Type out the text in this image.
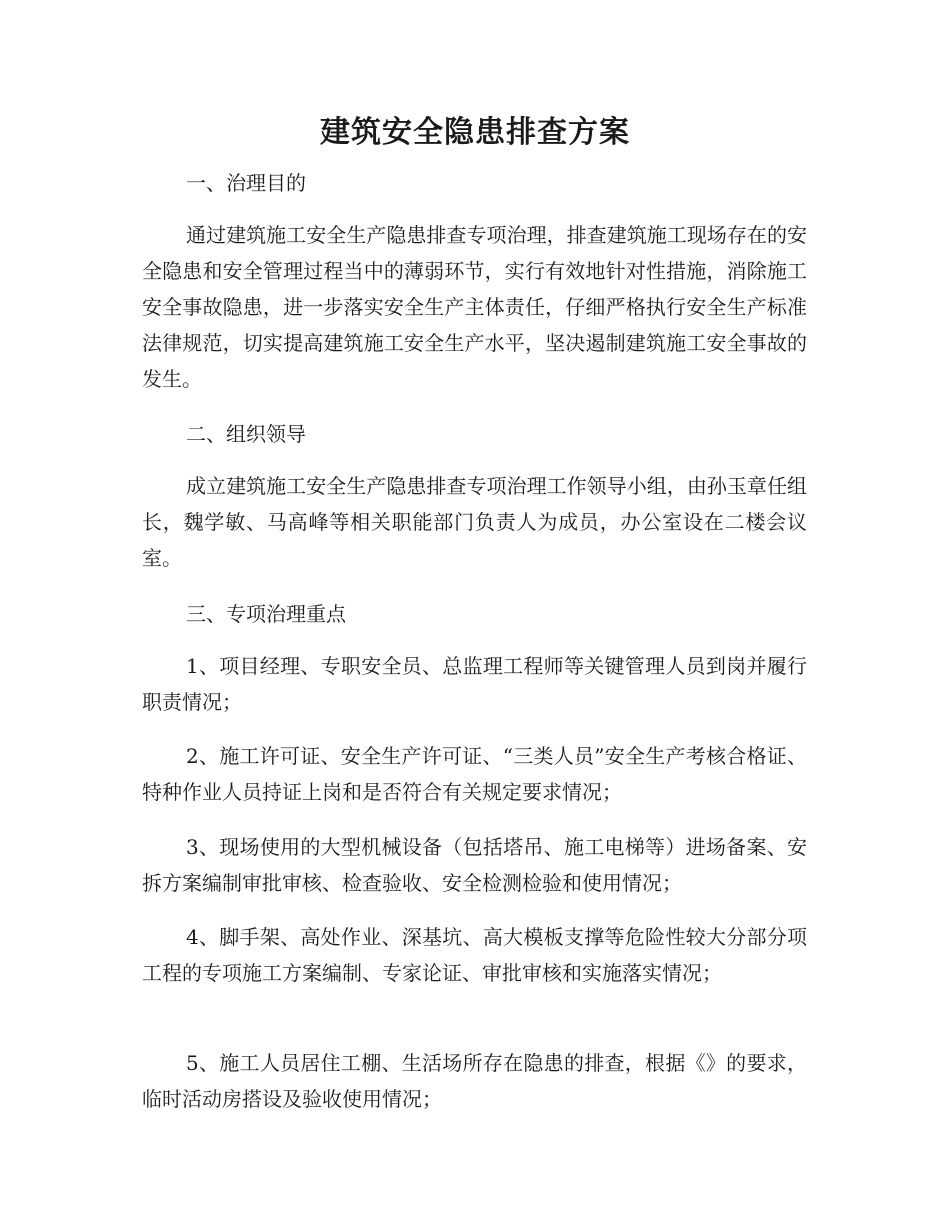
建筑安全隐患排查方案

一、治理目的

通过建筑施工安全生产隐患排查专项治理，排查建筑施工现场存在的安全隐患和安全管理过程当中的薄弱环节，实行有效地针对性措施，消除施工安全事故隐患，进一步落实安全生产主体责任，仔细严格执行安全生产标准法律规范，切实提高建筑施工安全生产水平，坚决遏制建筑施工安全事故的发生。

二、组织领导

成立建筑施工安全生产隐患排查专项治理工作领导小组，由孙玉章任组长，魏学敏、马高峰等相关职能部门负责人为成员，办公室设在二楼会议室。

三、专项治理重点

1、项目经理、专职安全员、总监理工程师等关键管理人员到岗并履行职责情况；

2、施工许可证、安全生产许可证、“三类人员”安全生产考核合格证、特种作业人员持证上岗和是否符合有关规定要求情况；

3、现场使用的大型机械设备（包括塔吊、施工电梯等）进场备案、安拆方案编制审批审核、检查验收、安全检测检验和使用情况；

4、脚手架、高处作业、深基坑、高大模板支撑等危险性较大分部分项工程的专项施工方案编制、专家论证、审批审核和实施落实情况；

5、施工人员居住工棚、生活场所存在隐患的排查，根据《》的要求，临时活动房搭设及验收使用情况；
